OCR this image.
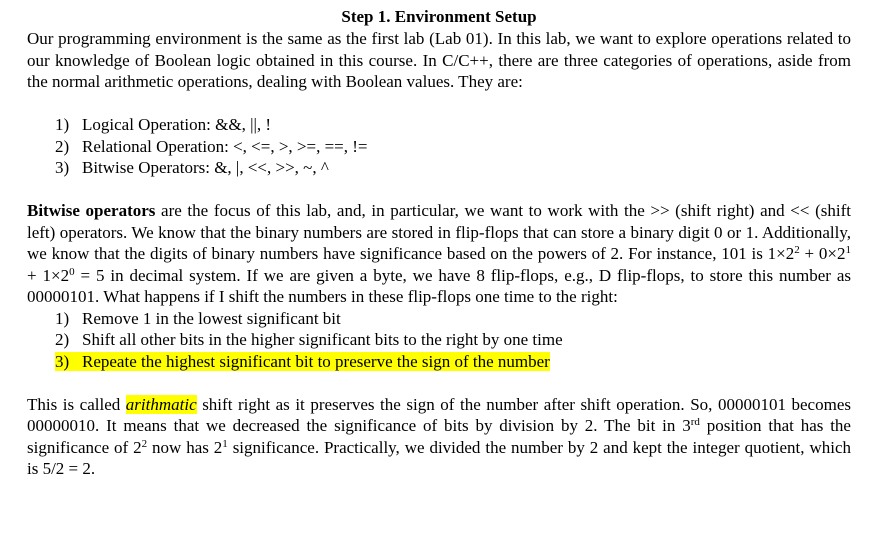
Step 1. Environment Setup

Our programming environment is the same as the first lab (Lab 01). In this lab, we want to explore operations related to our knowledge of Boolean logic obtained in this course. In C/C++, there are three categories of operations, aside from the normal arithmetic operations, dealing with Boolean values. They are:

1) Logical Operation: &&, ||, !
2) Relational Operation: <, <=, >, >=, ==, !=
3) Bitwise Operators: &, |, <<, >>, ~, ^

Bitwise operators are the focus of this lab, and, in particular, we want to work with the >> (shift right) and << (shift left) operators. We know that the binary numbers are stored in flip-flops that can store a binary digit 0 or 1. Additionally, we know that the digits of binary numbers have significance based on the powers of 2. For instance, 101 is $1\times 2^2 + 0\times 2^1 + 1\times 2^0 = 5$ in decimal system. If we are given a byte, we have 8 flip-flops, e.g., D flip-flops, to store this number as 00000101. What happens if I shift the numbers in these flip-flops one time to the right:

1) Remove 1 in the lowest significant bit
2) Shift all other bits in the higher significant bits to the right by one time
3) Repeate the highest significant bit to preserve the sign of the number

This is called arithmatic shift right as it preserves the sign of the number after shift operation. So, 00000101 becomes 00000010. It means that we decreased the significance of bits by division by 2. The bit in 3rd position that has the significance of $2^2$ now has $2^1$ significance. Practically, we divided the number by 2 and kept the integer quotient, which is 5/2 = 2.
